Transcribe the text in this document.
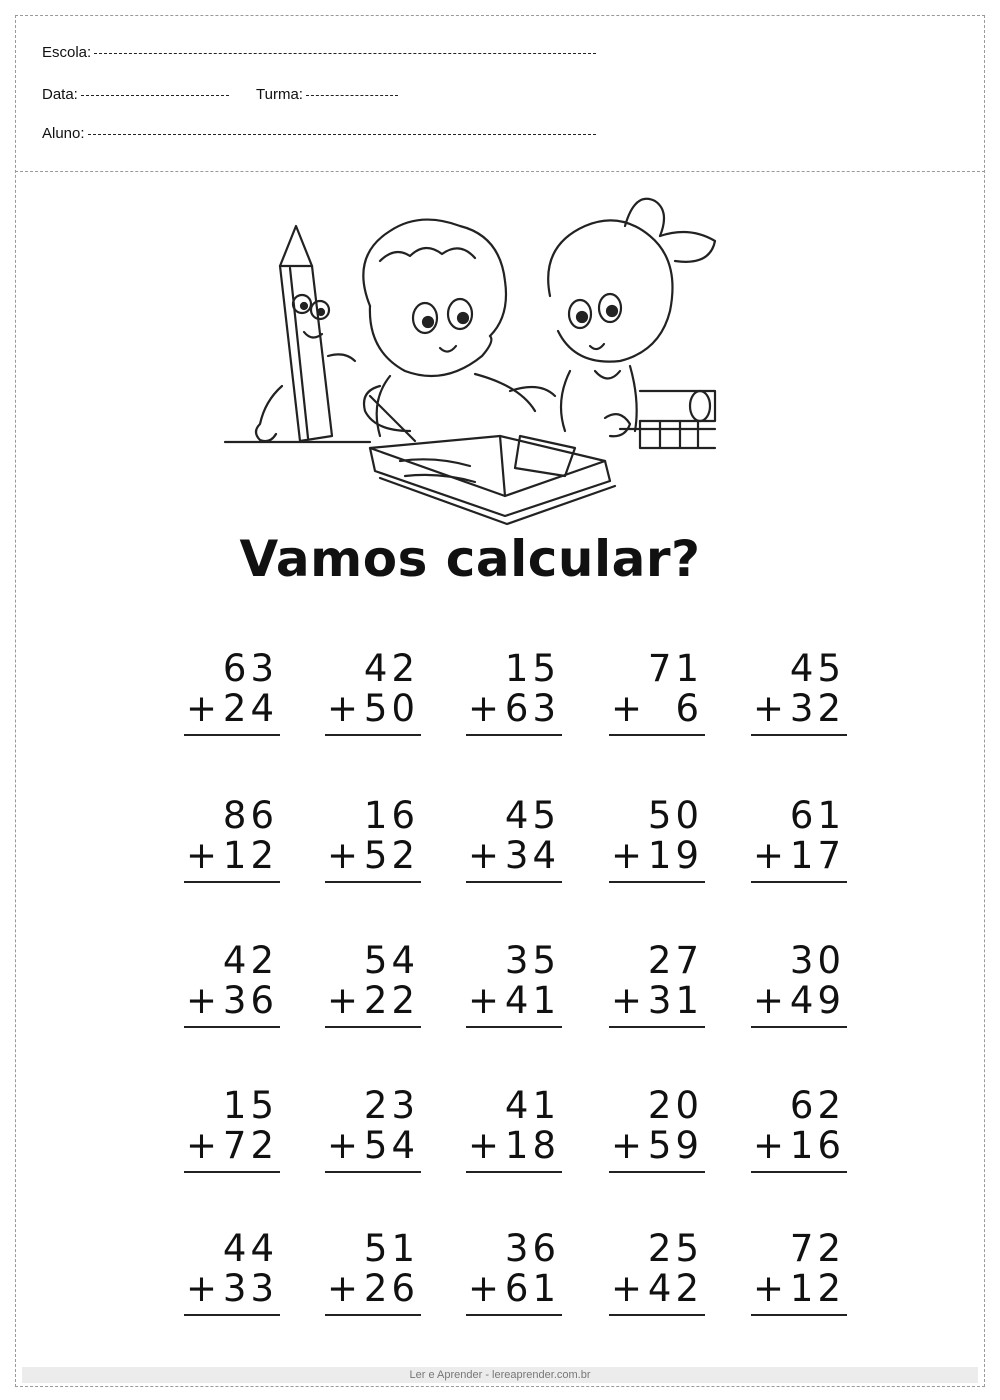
Escola:
Data:	Turma:
Aluno:
Vamos calcular?
63
+ 24
42
+ 50
15
+ 63
71
+ 6
45
+ 32
86
+ 12
16
+ 52
45
+ 34
50
+ 19
61
+ 17
42
+ 36
54
+ 22
35
+ 41
27
+ 31
30
+ 49
15
+ 72
23
+ 54
41
+ 18
20
+ 59
62
+ 16
44
+ 33
51
+ 26
36
+ 61
25
+ 42
72
+ 12
Ler e Aprender - lereaprender.com.br
